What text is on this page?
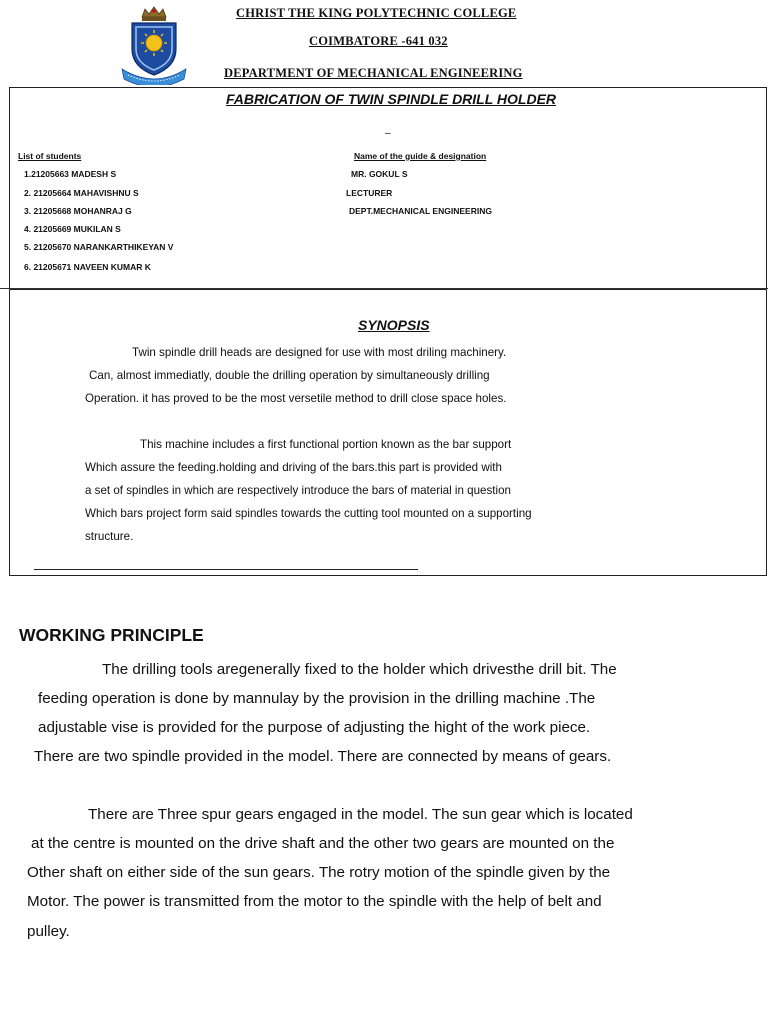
CHRIST THE KING POLYTECHNIC COLLEGE
COIMBATORE -641 032
DEPARTMENT OF MECHANICAL ENGINEERING
FABRICATION OF TWIN SPINDLE DRILL HOLDER
–
List of students	Name of the guide & designation
1.21205663 MADESH S
2. 21205664 MAHAVISHNU S
3. 21205668 MOHANRAJ G
4. 21205669 MUKILAN S
5. 21205670 NARANKARTHIKEYAN V
6. 21205671 NAVEEN KUMAR K
MR. GOKUL S
LECTURER
DEPT.MECHANICAL ENGINEERING
SYNOPSIS
Twin spindle drill heads are designed for use with most driling machinery.
Can, almost immediatly, double the drilling operation by simultaneously drilling
Operation. it has proved to be the most versetile method to drill close space holes.
This machine includes a first functional portion known as the bar support
Which assure the feeding.holding and driving of the bars.this part is provided with
a set of spindles in which are respectively introduce the bars of material in question
Which bars project form said spindles towards the cutting tool mounted on a supporting
structure.
WORKING PRINCIPLE
The drilling tools aregenerally fixed to the holder which drivesthe drill bit. The
feeding operation is done by mannulay by the provision in the drilling machine .The
adjustable vise is provided for the purpose of adjusting the hight of the work piece.
There are two spindle provided in the model. There are connected by means of gears.
There are Three spur gears engaged in the model. The sun gear which is located
at the centre is mounted on the drive shaft and the other two gears are mounted on the
Other shaft on either side of the sun gears. The rotry motion of the spindle given by the
Motor. The power is transmitted from the motor to the spindle with the help of belt and
pulley.
